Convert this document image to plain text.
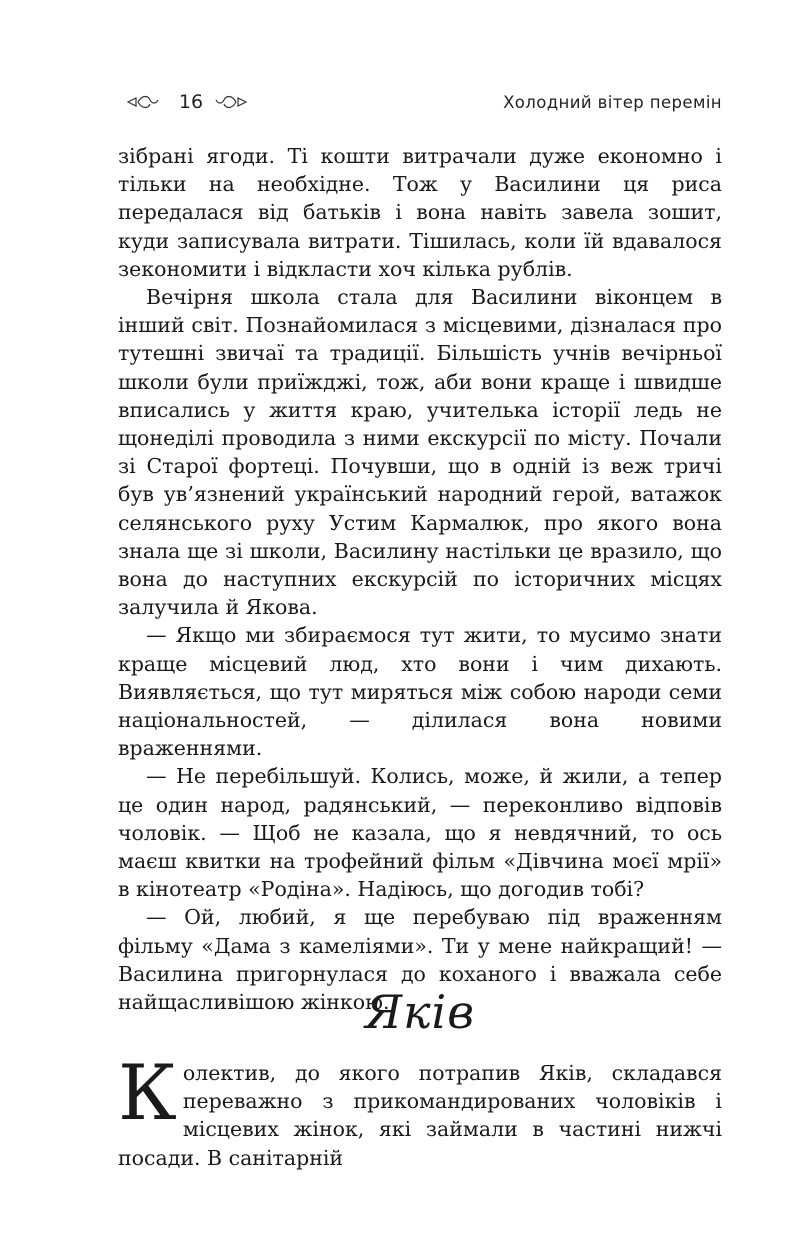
16	Холодний вітер перемін

зібрані ягоди. Ті кошти витрачали дуже економно і тільки на необхідне. Тож у Василини ця риса передалася від батьків і вона навіть завела зошит, куди записувала витрати. Тішилась, коли їй вдавалося зекономити і відкласти хоч кілька рублів.

Вечірня школа стала для Василини віконцем в інший світ. Познайомилася з місцевими, дізналася про тутешні звичаї та традиції. Більшість учнів вечірньої школи були приїжджі, тож, аби вони краще і швидше вписались у життя краю, учителька історії ледь не щонеділі проводила з ними екскурсії по місту. Почали зі Старої фортеці. Почувши, що в одній із веж тричі був ув’язнений український народний герой, ватажок селянського руху Устим Кармалюк, про якого вона знала ще зі школи, Василину настільки це вразило, що вона до наступних екскурсій по історичних місцях залучила й Якова.

— Якщо ми збираємося тут жити, то мусимо знати краще місцевий люд, хто вони і чим дихають. Виявляється, що тут миряться між собою народи семи національностей, — ділилася вона новими враженнями.

— Не перебільшуй. Колись, може, й жили, а тепер це один народ, радянський, — переконливо відповів чоловік. — Щоб не казала, що я невдячний, то ось маєш квитки на трофейний фільм «Дівчина моєї мрії» в кінотеатр «Родіна». Надіюсь, що догодив тобі?

— Ой, любий, я ще перебуваю під враженням фільму «Дама з камеліями». Ти у мене найкращий! — Василина пригорнулася до коханого і вважала себе найщасливішою жінкою.

Яків

Колектив, до якого потрапив Яків, складався переважно з прикомандированих чоловіків і місцевих жінок, які займали в частині нижчі посади. В санітарній
